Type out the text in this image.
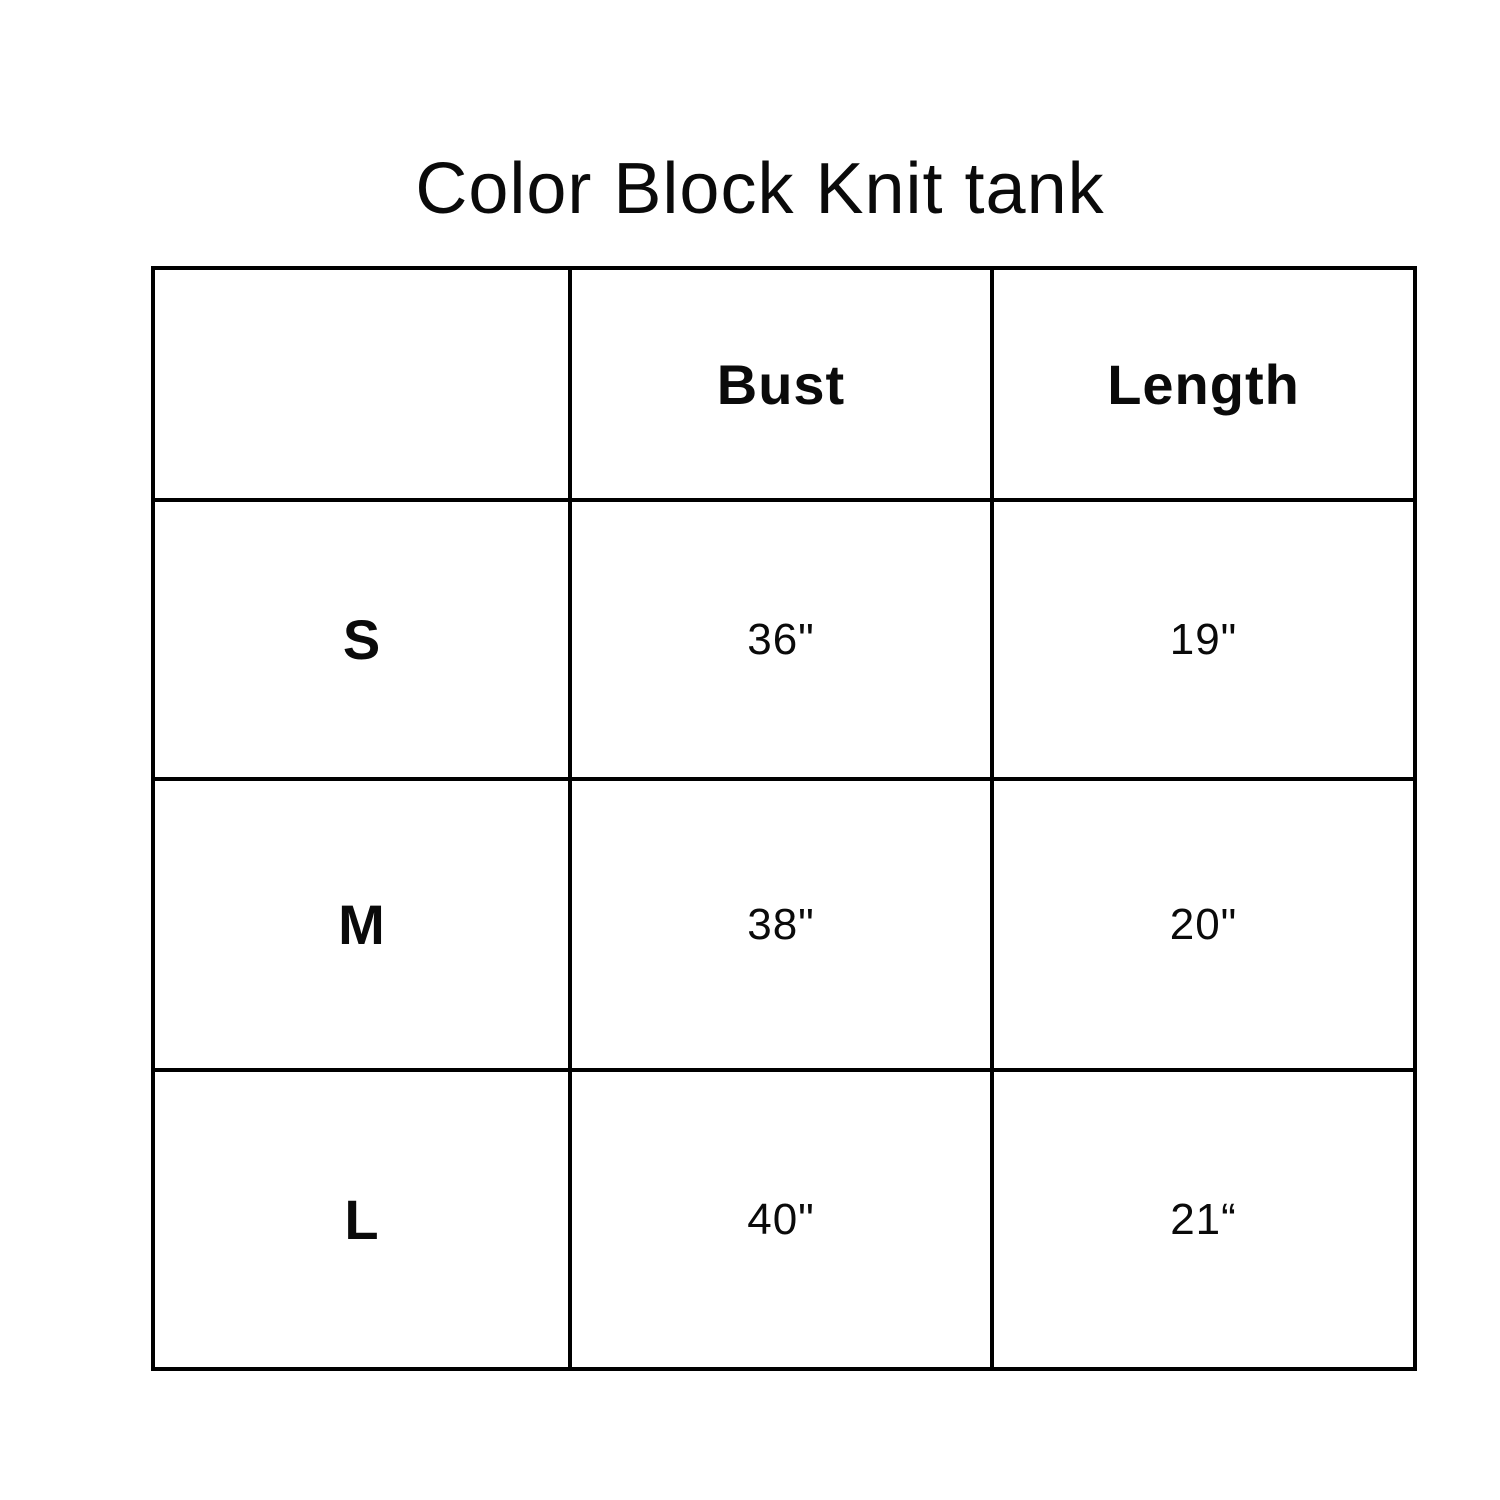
Color Block Knit tank
	Bust	Length
S	36"	19"
M	38"	20"
L	40"	21“
